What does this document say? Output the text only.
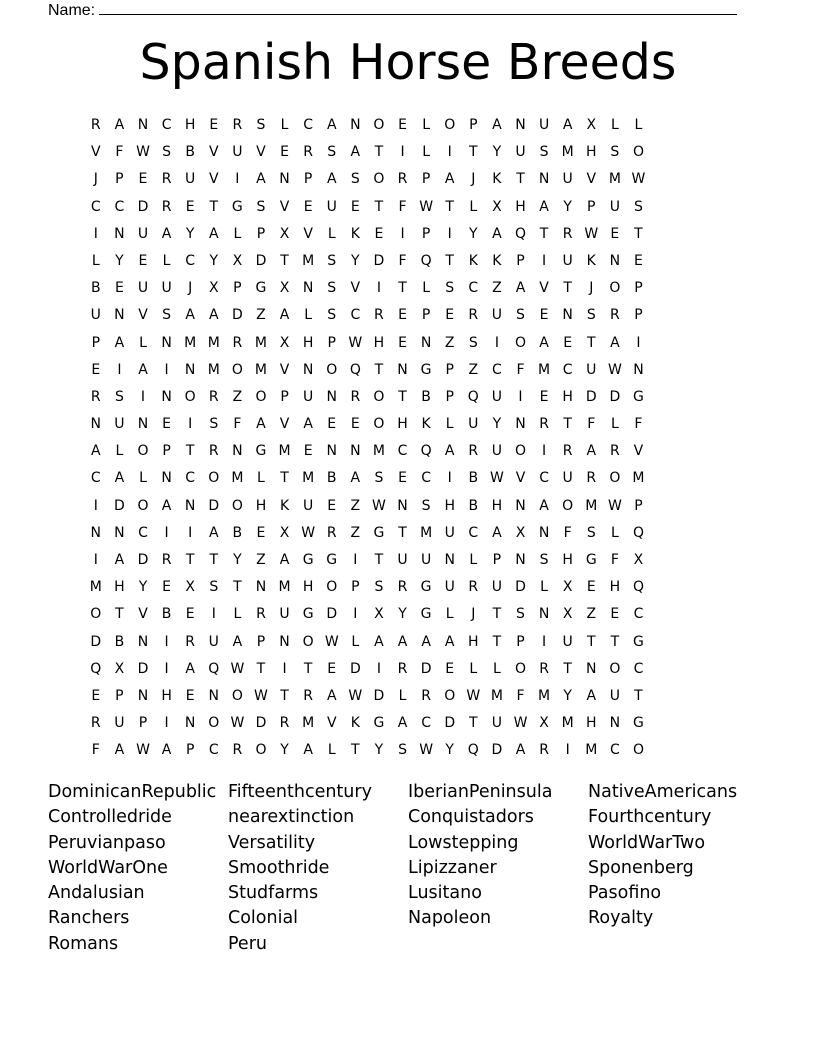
Name:
Spanish Horse Breeds
R A N C H E	R	S	L	C A N O E	L	O P	A N U A	X	L	L
V	F W S	B	V U V	E	R	S	A	T	I	L	I	T	Y	U	S M H S O
J	P	E	R U V	I	A N	P	A	S O R	P	A	J	K	T	N U V M W
C C D R	E	T G S	V	E	U	E	T	F W T	L	X H A	Y	P	U	S
I	N U A	Y	A	L	P	X	V	L	K	E	I	P	I	Y	A Q T	R W E	T
L	Y	E	L	C	Y	X D T M S	Y D	F	Q T	K	K	P	I	U K N E
B	E	U U	J	X	P G X N S	V	I	T	L	S	C Z	A	V	T	J	O P
U N V	S	A	A D Z	A	L	S	C R	E	P	E	R U	S	E N S	R	P
P	A	L	N M M R M X H	P W H E N Z	S	I	O A	E	T	A	I
E	I	A	I	N M O M V N O Q T	N G P	Z C	F M C U W N
R	S	I	N O R Z O P	U N R O T	B	P Q U	I	E H D D G
N U N E	I	S	F	A	V	A	E	E O H K	L	U	Y	N R	T	F	L	F
A	L	O P	T	R N G M E N N M C Q A R U O	I	R A R V
C A	L	N C O M L	T M B	A	S	E	C	I	B W V C U R O M
I	D O A N D O H K U	E	Z W N S H B H N A O M W P
N N C	I	I	A	B	E	X W R Z G T M U C A	X N	F	S	L	Q
I	A D R	T	T	Y	Z	A G G	I	T	U U N	L	P	N S H G	F	X
M H	Y	E	X	S	T	N M H O P	S	R G U R U D	L	X	E H Q
O T	V	B	E	I	L	R U G D	I	X	Y G	L	J	T	S N X	Z	E	C
D B N	I	R U A	P	N O W L	A	A	A	A H	T	P	I	U	T	T G
Q X D	I	A Q W T	I	T	E D	I	R D E	L	L	O R	T	N O C
E	P	N H E N O W T	R A W D	L	R O W M F M Y	A U	T
R U	P	I	N O W D R M V	K G A C D T	U W X M H N G
F	A W A	P	C R O Y	A	L	T	Y	S W Y Q D A R	I	M C O
DominicanRepublic Fifteenthcentury	IberianPeninsula	NativeAmericans
Controlledride	nearextinction	Conquistadors	Fourthcentury
Peruvianpaso	Versatility	Lowstepping	WorldWarTwo
WorldWarOne	Smoothride	Lipizzaner	Sponenberg
Andalusian	Studfarms	Lusitano	Pasofino
Ranchers	Colonial	Napoleon	Royalty
Romans	Peru
